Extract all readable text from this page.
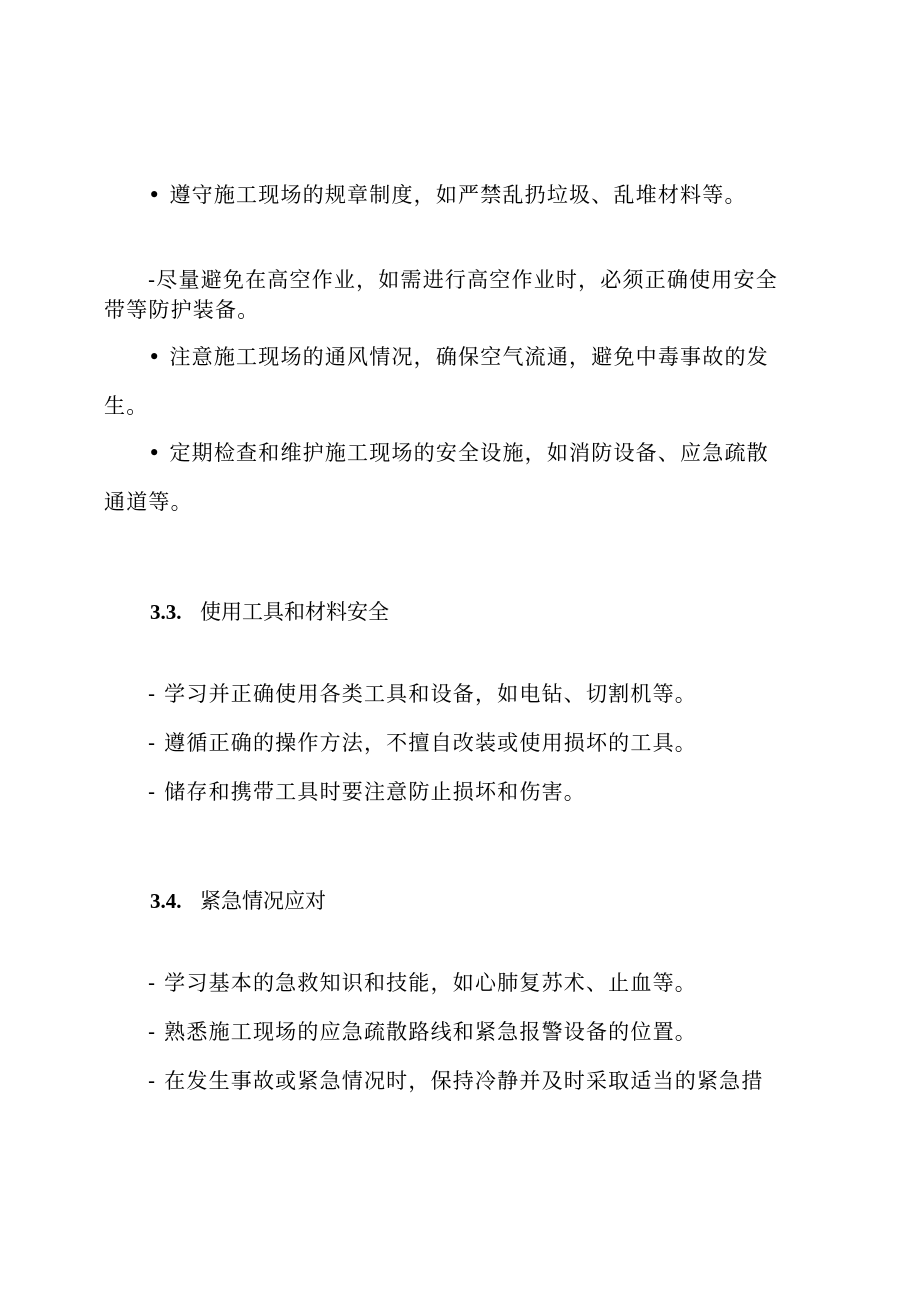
• 遵守施工现场的规章制度，如严禁乱扔垃圾、乱堆材料等。
-尽量避免在高空作业，如需进行高空作业时，必须正确使用安全
带等防护装备。
• 注意施工现场的通风情况，确保空气流通，避免中毒事故的发
生。
• 定期检查和维护施工现场的安全设施，如消防设备、应急疏散
通道等。
3.3. 使用工具和材料安全
- 学习并正确使用各类工具和设备，如电钻、切割机等。
- 遵循正确的操作方法，不擅自改装或使用损坏的工具。
- 储存和携带工具时要注意防止损坏和伤害。
3.4. 紧急情况应对
- 学习基本的急救知识和技能，如心肺复苏术、止血等。
- 熟悉施工现场的应急疏散路线和紧急报警设备的位置。
- 在发生事故或紧急情况时，保持冷静并及时采取适当的紧急措
